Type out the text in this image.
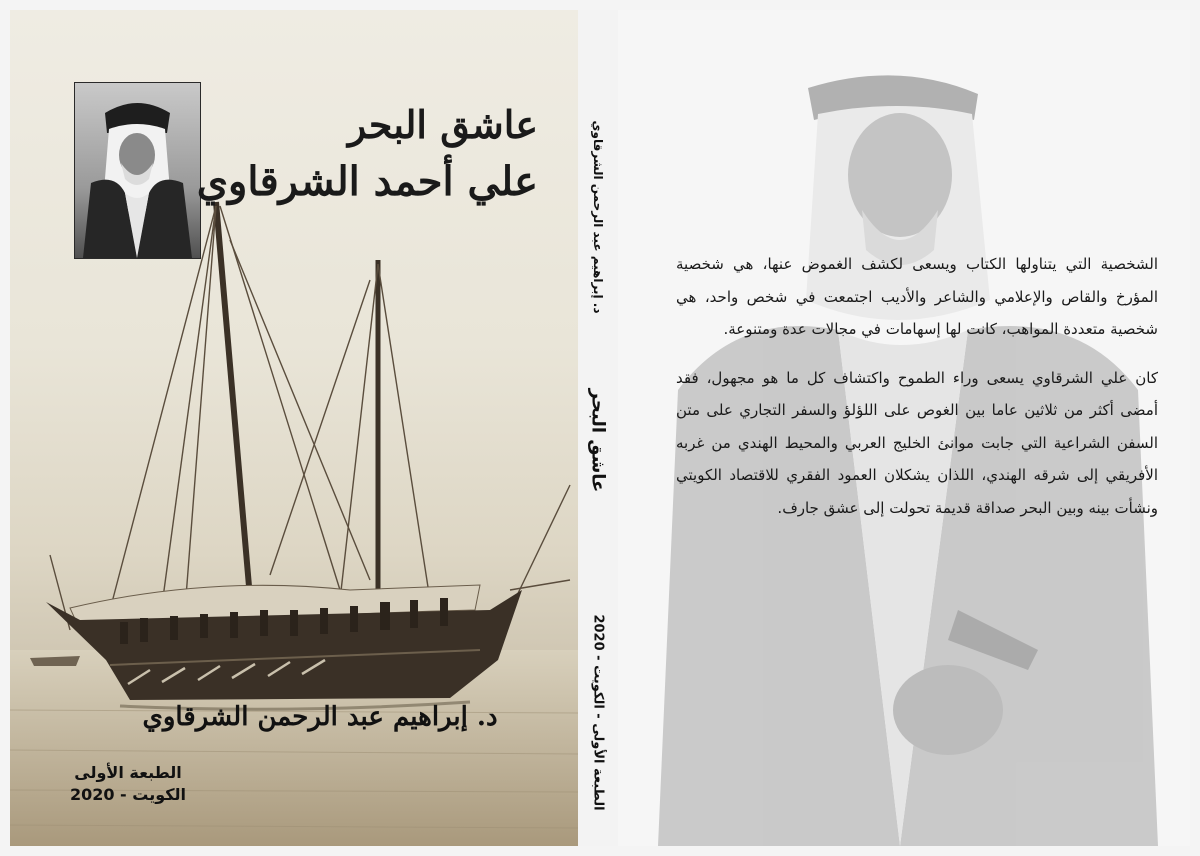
عاشق البحر
علي أحمد الشرقاوي
د. إبراهيم عبد الرحمن الشرقاوي
الطبعة الأولى
الكويت - 2020
د. إبراهيم عبد الرحمن الشرقاوي
عاشق البحر
الطبعة الأولى - الكويت - 2020

الشخصية التي يتناولها الكتاب ويسعى لكشف الغموض عنها، هي شخصية المؤرخ والقاص والإعلامي والشاعر والأديب اجتمعت في شخص واحد، هي شخصية متعددة المواهب، كانت لها إسهامات في مجالات عدة ومتنوعة.

كان علي الشرقاوي يسعى وراء الطموح واكتشاف كل ما هو مجهول، فقد أمضى أكثر من ثلاثين عاما بين الغوص على اللؤلؤ والسفر التجاري على متن السفن الشراعية التي جابت موانئ الخليج العربي والمحيط الهندي من غربه الأفريقي إلى شرقه الهندي، اللذان يشكلان العمود الفقري للاقتصاد الكويتي ونشأت بينه وبين البحر صداقة قديمة تحولت إلى عشق جارف.
